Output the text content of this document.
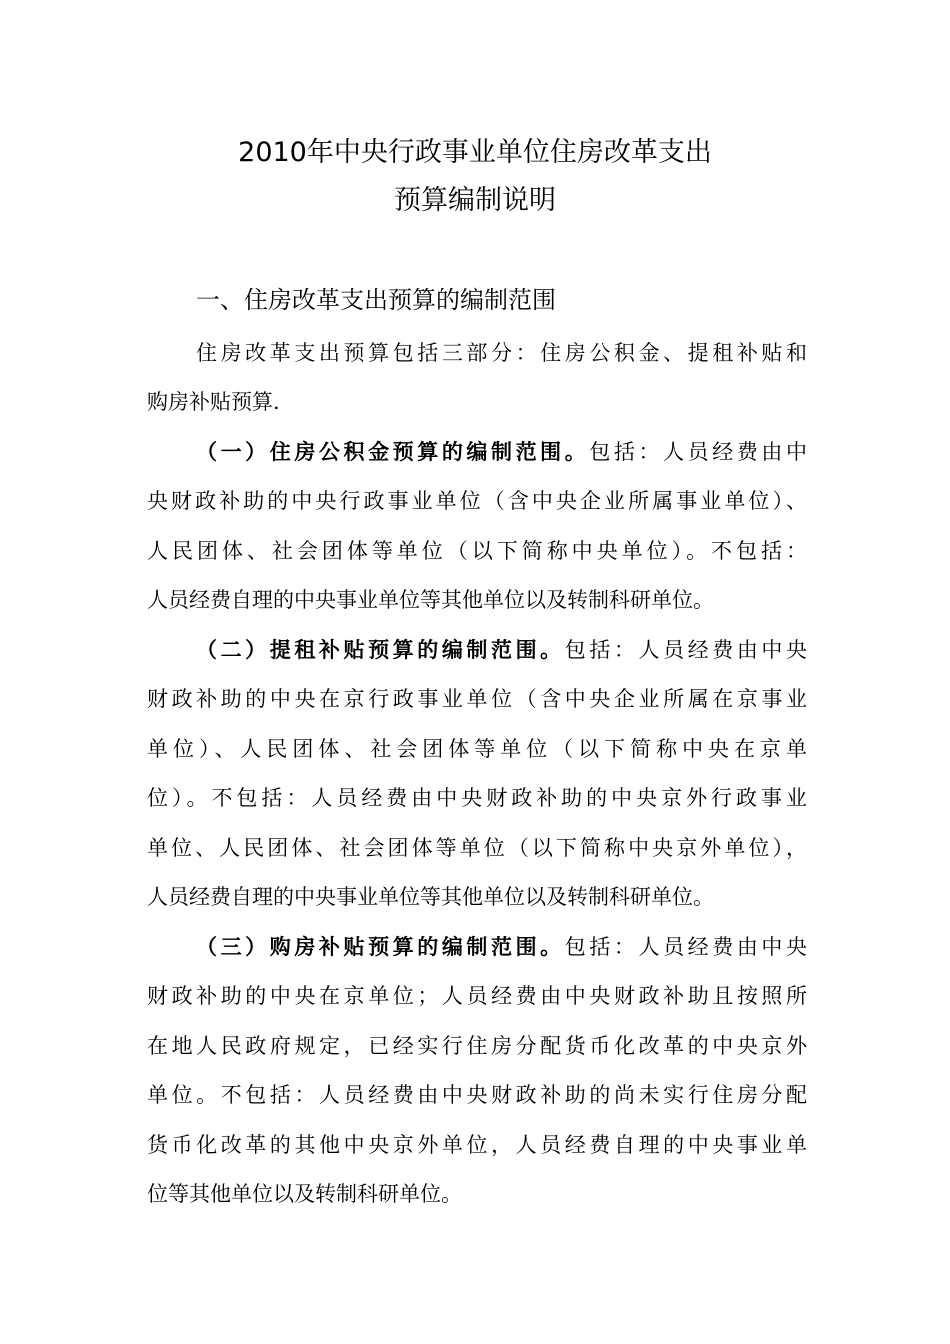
2010年中央行政事业单位住房改革支出
预算编制说明
一、住房改革支出预算的编制范围
住房改革支出预算包括三部分：住房公积金、提租补贴和
购房补贴预算.
（一）住房公积金预算的编制范围。包括：人员经费由中
央财政补助的中央行政事业单位（含中央企业所属事业单位）、
人民团体、社会团体等单位（以下简称中央单位）。不包括：
人员经费自理的中央事业单位等其他单位以及转制科研单位。
（二）提租补贴预算的编制范围。包括：人员经费由中央
财政补助的中央在京行政事业单位（含中央企业所属在京事业
单位）、人民团体、社会团体等单位（以下简称中央在京单
位）。不包括：人员经费由中央财政补助的中央京外行政事业
单位、人民团体、社会团体等单位（以下简称中央京外单位），
人员经费自理的中央事业单位等其他单位以及转制科研单位。
（三）购房补贴预算的编制范围。包括：人员经费由中央
财政补助的中央在京单位；人员经费由中央财政补助且按照所
在地人民政府规定，已经实行住房分配货币化改革的中央京外
单位。不包括：人员经费由中央财政补助的尚未实行住房分配
货币化改革的其他中央京外单位，人员经费自理的中央事业单
位等其他单位以及转制科研单位。
